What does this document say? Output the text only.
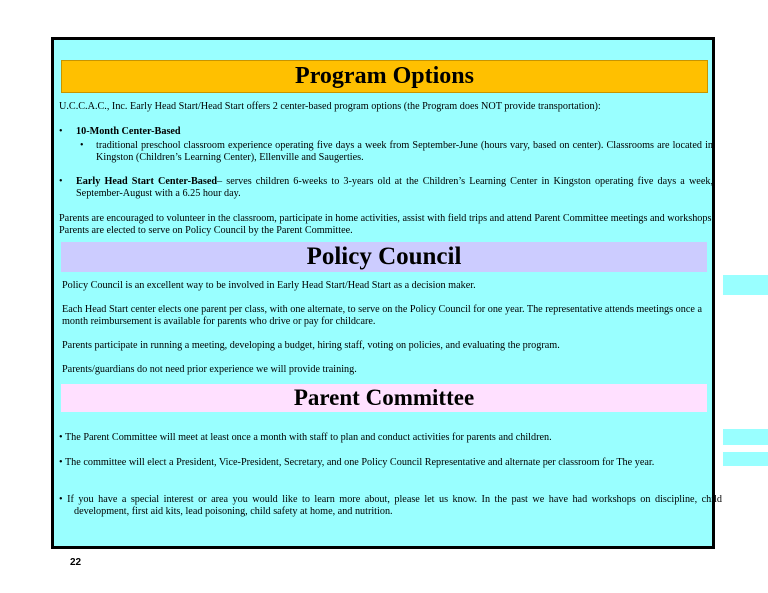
Program Options

U.C.C.A.C., Inc. Early Head Start/Head Start offers 2 center-based program options (the Program does NOT provide transportation):

• 10-Month Center-Based

• traditional preschool classroom experience operating five days a week from September-June (hours vary, based on center). Classrooms are located in Kingston (Children’s Learning Center), Ellenville and Saugerties.

• Early Head Start Center-Based– serves children 6-weeks to 3-years old at the Children’s Learning Center in Kingston operating five days a week, September-August with a 6.25 hour day.

Parents are encouraged to volunteer in the classroom, participate in home activities, assist with field trips and attend Parent Committee meetings and workshops. Parents are elected to serve on Policy Council by the Parent Committee.

Policy Council

Policy Council is an excellent way to be involved in Early Head Start/Head Start as a decision maker.

Each Head Start center elects one parent per class, with one alternate, to serve on the Policy Council for one year. The representative attends meetings once a month reimbursement is available for parents who drive or pay for childcare.

Parents participate in running a meeting, developing a budget, hiring staff, voting on policies, and evaluating the program.

Parents/guardians do not need prior experience we will provide training.

Parent Committee

• The Parent Committee will meet at least once a month with staff to plan and conduct activities for parents and children.

• The committee will elect a President, Vice-President, Secretary, and one Policy Council Representative and alternate per classroom for The year.

• If you have a special interest or area you would like to learn more about, please let us know. In the past we have had workshops on discipline, child development, first aid kits, lead poisoning, child safety at home, and nutrition.

22
